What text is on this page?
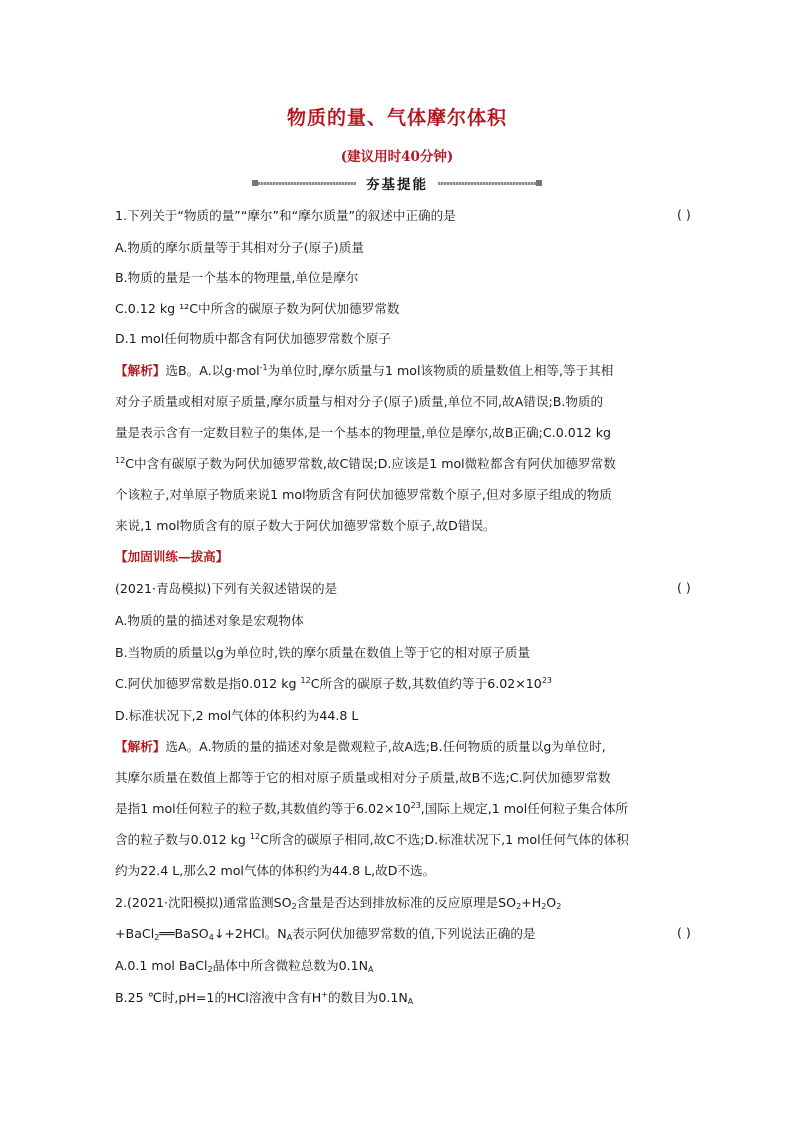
物质的量、气体摩尔体积
(建议用时40分钟)
夯基提能
1.下列关于“物质的量”“摩尔”和“摩尔质量”的叙述中正确的是	( )
A.物质的摩尔质量等于其相对分子(原子)质量
B.物质的量是一个基本的物理量,单位是摩尔
C.0.12 kg ¹²C中所含的碳原子数为阿伏加德罗常数
D.1 mol任何物质中都含有阿伏加德罗常数个原子
【解析】选B。A.以g·mol$^{-1}$为单位时,摩尔质量与1 mol该物质的质量数值上相等,等于其相
对分子质量或相对原子质量,摩尔质量与相对分子(原子)质量,单位不同,故A错误;B.物质的
量是表示含有一定数目粒子的集体,是一个基本的物理量,单位是摩尔,故B正确;C.0.012 kg
$^{12}$C中含有碳原子数为阿伏加德罗常数,故C错误;D.应该是1 mol微粒都含有阿伏加德罗常数
个该粒子,对单原子物质来说1 mol物质含有阿伏加德罗常数个原子,但对多原子组成的物质
来说,1 mol物质含有的原子数大于阿伏加德罗常数个原子,故D错误。
【加固训练—拔高】
(2021·青岛模拟)下列有关叙述错误的是	( )
A.物质的量的描述对象是宏观物体
B.当物质的质量以g为单位时,铁的摩尔质量在数值上等于它的相对原子质量
C.阿伏加德罗常数是指0.012 kg $^{12}$C所含的碳原子数,其数值约等于$6.02\times 10^{23}$
D.标准状况下,2 mol气体的体积约为44.8 L
【解析】选A。A.物质的量的描述对象是微观粒子,故A选;B.任何物质的质量以g为单位时,
其摩尔质量在数值上都等于它的相对原子质量或相对分子质量,故B不选;C.阿伏加德罗常数
是指1 mol任何粒子的粒子数,其数值约等于$6.02\times 10^{23}$,国际上规定,1 mol任何粒子集合体所
含的粒子数与0.012 kg $^{12}$C所含的碳原子相同,故C不选;D.标准状况下,1 mol任何气体的体积
约为22.4 L,那么2 mol气体的体积约为44.8 L,故D不选。
2.(2021·沈阳模拟)通常监测$SO_2$含量是否达到排放标准的反应原理是$SO_2+H_2O_2$
+BaCl$_2$══BaSO$_4$↓+2HCl。$N_A$表示阿伏加德罗常数的值,下列说法正确的是	( )
A.0.1 mol BaCl$_2$晶体中所含微粒总数为$0.1N_A$
B.25 ℃时,pH=1的HCl溶液中含有H+的数目为$0.1N_A$
